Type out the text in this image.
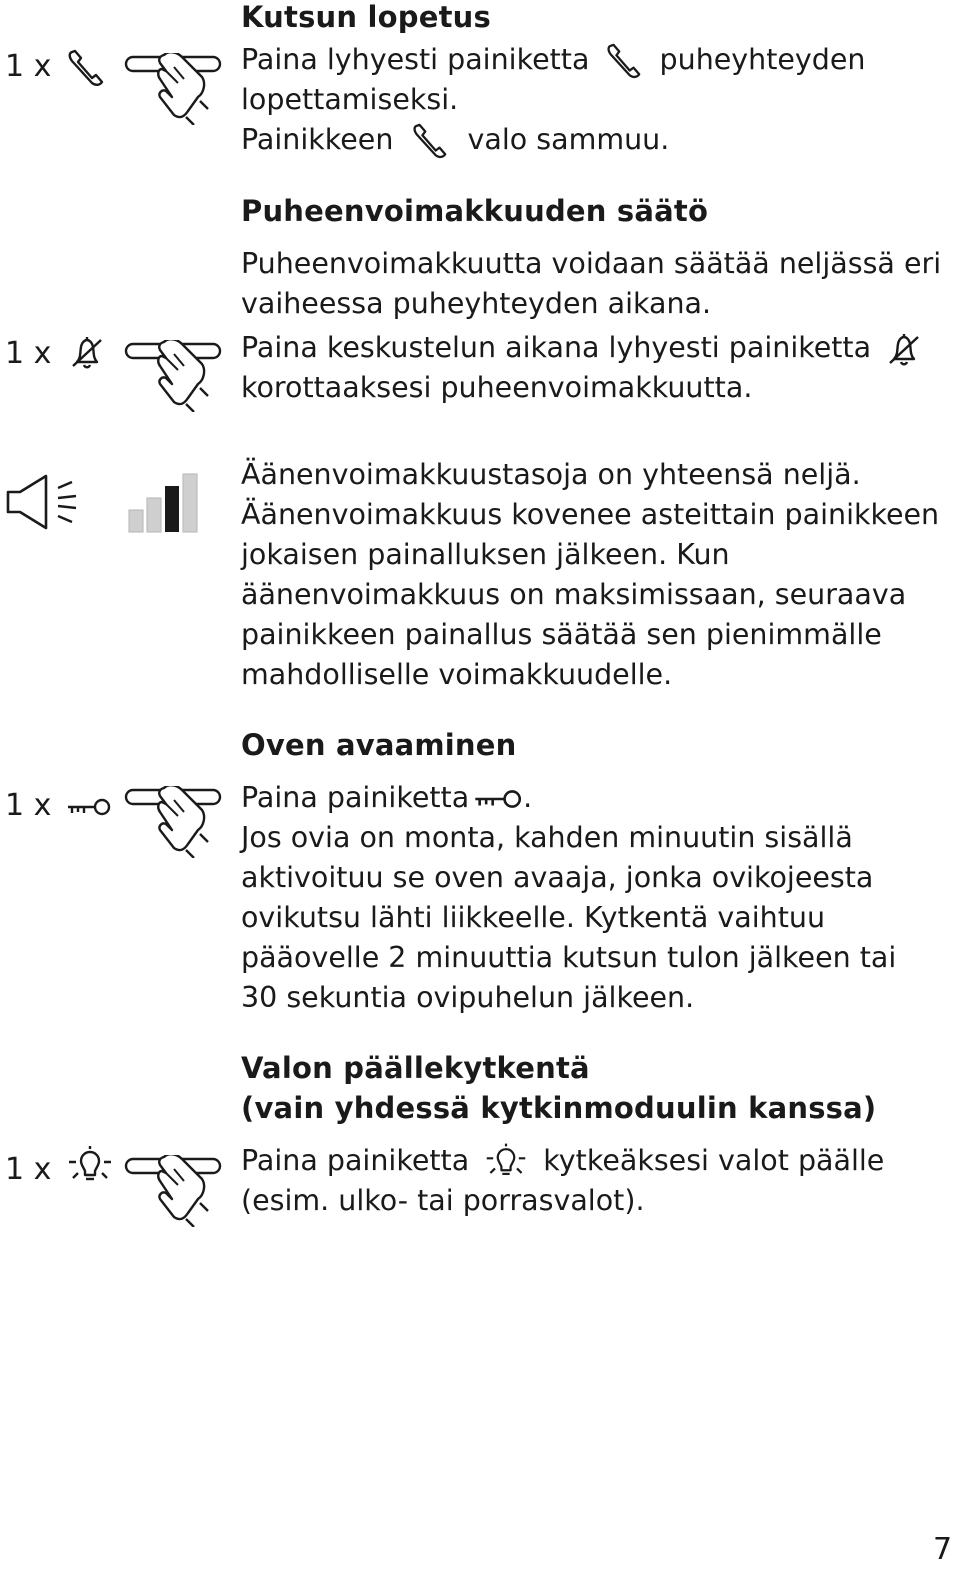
Kutsun lopetus
1 x	Paina lyhyesti painiketta puheyhteyden
lopettamiseksi.
Painikkeen	valo sammuu.
Puheenvoimakkuuden säätö
Puheenvoimakkuutta voidaan säätää neljässä eri
vaiheessa puheyhteyden aikana.
1 x	Paina keskustelun aikana lyhyesti painiketta
korottaaksesi puheenvoimakkuutta.
Äänenvoimakkuustasoja on yhteensä neljä.
Äänenvoimakkuus kovenee asteittain painikkeen
jokaisen painalluksen jälkeen. Kun
äänenvoimakkuus on maksimissaan, seuraava
painikkeen painallus säätää sen pienimmälle
mahdolliselle voimakkuudelle.
Oven avaaminen
1 x	Paina painiketta .
Jos ovia on monta, kahden minuutin sisällä
aktivoituu se oven avaaja, jonka ovikojeesta
ovikutsu lähti liikkeelle. Kytkentä vaihtuu
pääovelle 2 minuuttia kutsun tulon jälkeen tai
30 sekuntia ovipuhelun jälkeen.
Valon päällekytkentä
(vain yhdessä kytkinmoduulin kanssa)
1 x	Paina painiketta	kytkeäksesi valot päälle
(esim. ulko- tai porrasvalot).
7
